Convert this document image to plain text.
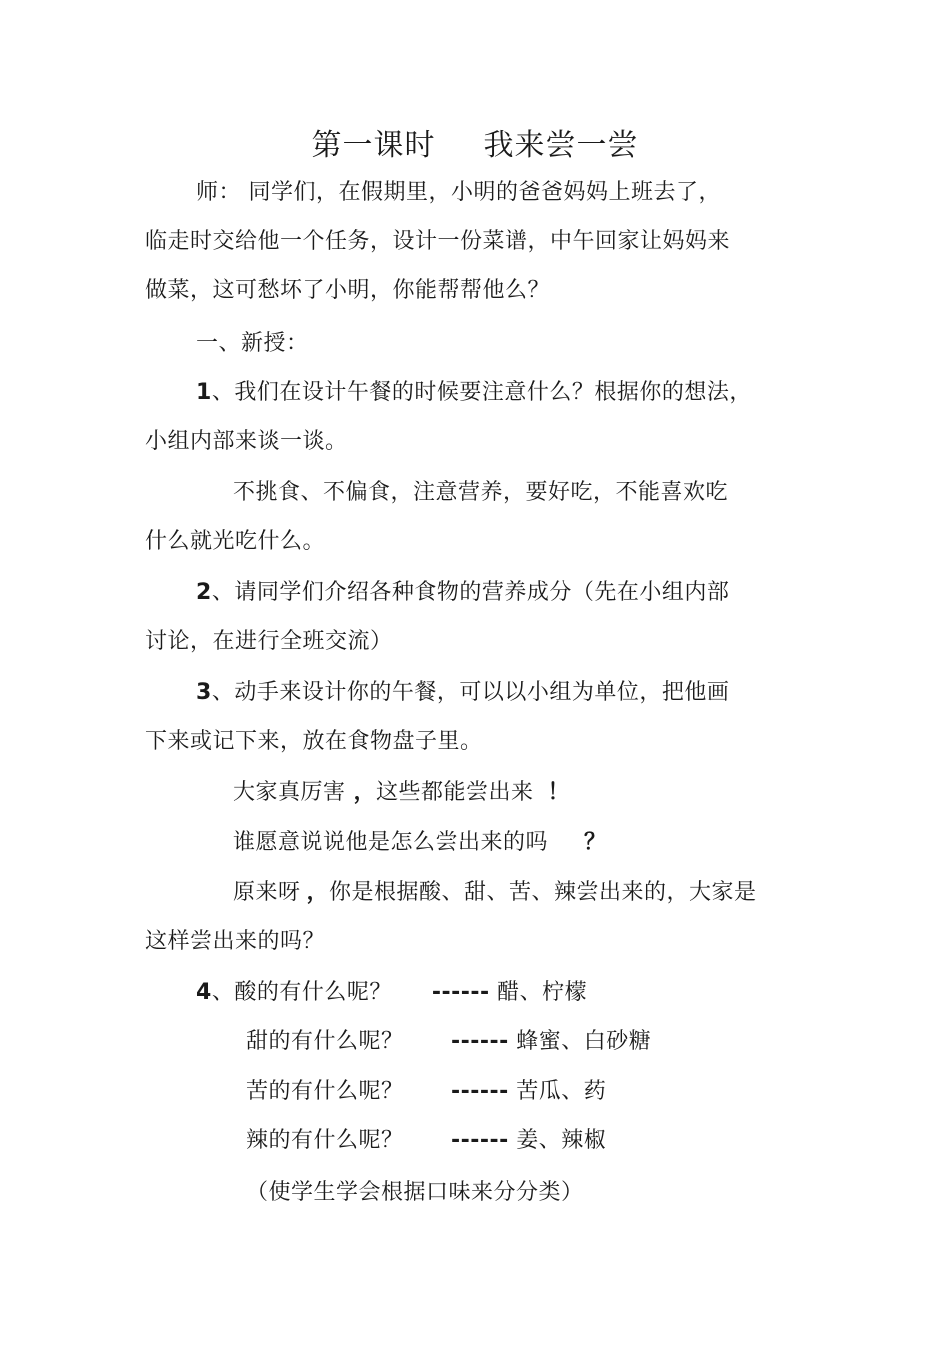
第一课时 我来尝一尝
师： 同学们，在假期里，小明的爸爸妈妈上班去了，
临走时交给他一个任务，设计一份菜谱，中午回家让妈妈来
做菜，这可愁坏了小明，你能帮帮他么？
一、新授：
1、我们在设计午餐的时候要注意什么？根据你的想法，
小组内部来谈一谈。
不挑食、不偏食，注意营养，要好吃，不能喜欢吃
什么就光吃什么。
2、请同学们介绍各种食物的营养成分（先在小组内部
讨论，在进行全班交流）
3、动手来设计你的午餐，可以以小组为单位，把他画
下来或记下来，放在食物盘子里。
大家真厉害 ，这些都能尝出来 ！
谁愿意说说他是怎么尝出来的吗 ？
原来呀 ，你是根据酸、甜、苦、辣尝出来的，大家是
这样尝出来的吗？
4、酸的有什么呢？ ------ 醋、柠檬
甜的有什么呢？ ------ 蜂蜜、白砂糖
苦的有什么呢？ ------ 苦瓜、药
辣的有什么呢？ ------ 姜、辣椒
（使学生学会根据口味来分分类）
